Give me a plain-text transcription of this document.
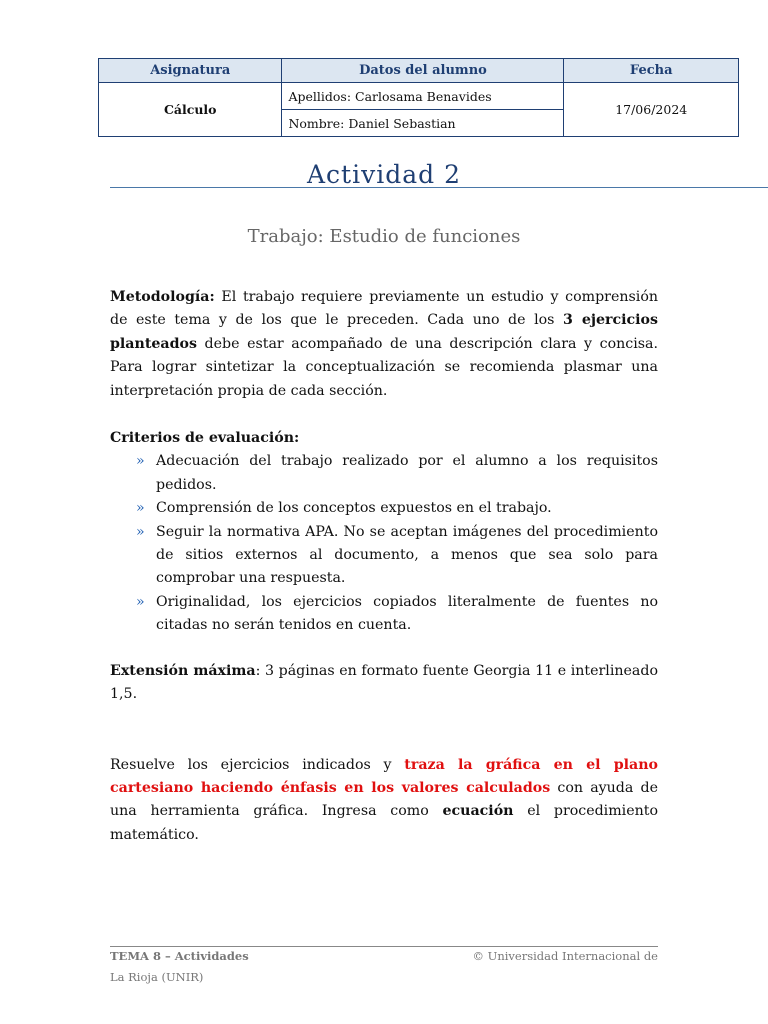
Asignatura	Datos del alumno	Fecha
Cálculo	Apellidos: Carlosama Benavides	17/06/2024
	Nombre: Daniel Sebastian	
Actividad 2
Trabajo: Estudio de funciones

Metodología: El trabajo requiere previamente un estudio y comprensión de este tema y de los que le preceden. Cada uno de los 3 ejercicios planteados debe estar acompañado de una descripción clara y concisa. Para lograr sintetizar la conceptualización se recomienda plasmar una interpretación propia de cada sección.

Criterios de evaluación:

» Adecuación del trabajo realizado por el alumno a los requisitos pedidos.
» Comprensión de los conceptos expuestos en el trabajo.
» Seguir la normativa APA. No se aceptan imágenes del procedimiento de sitios externos al documento, a menos que sea solo para comprobar una respuesta.
» Originalidad, los ejercicios copiados literalmente de fuentes no citadas no serán tenidos en cuenta.

Extensión máxima: 3 páginas en formato fuente Georgia 11 e interlineado 1,5.

Resuelve los ejercicios indicados y traza la gráfica en el plano cartesiano haciendo énfasis en los valores calculados con ayuda de una herramienta gráfica. Ingresa como ecuación el procedimiento matemático.

© Universidad Internacional de
TEMA 8 – Actividades
La Rioja (UNIR)
